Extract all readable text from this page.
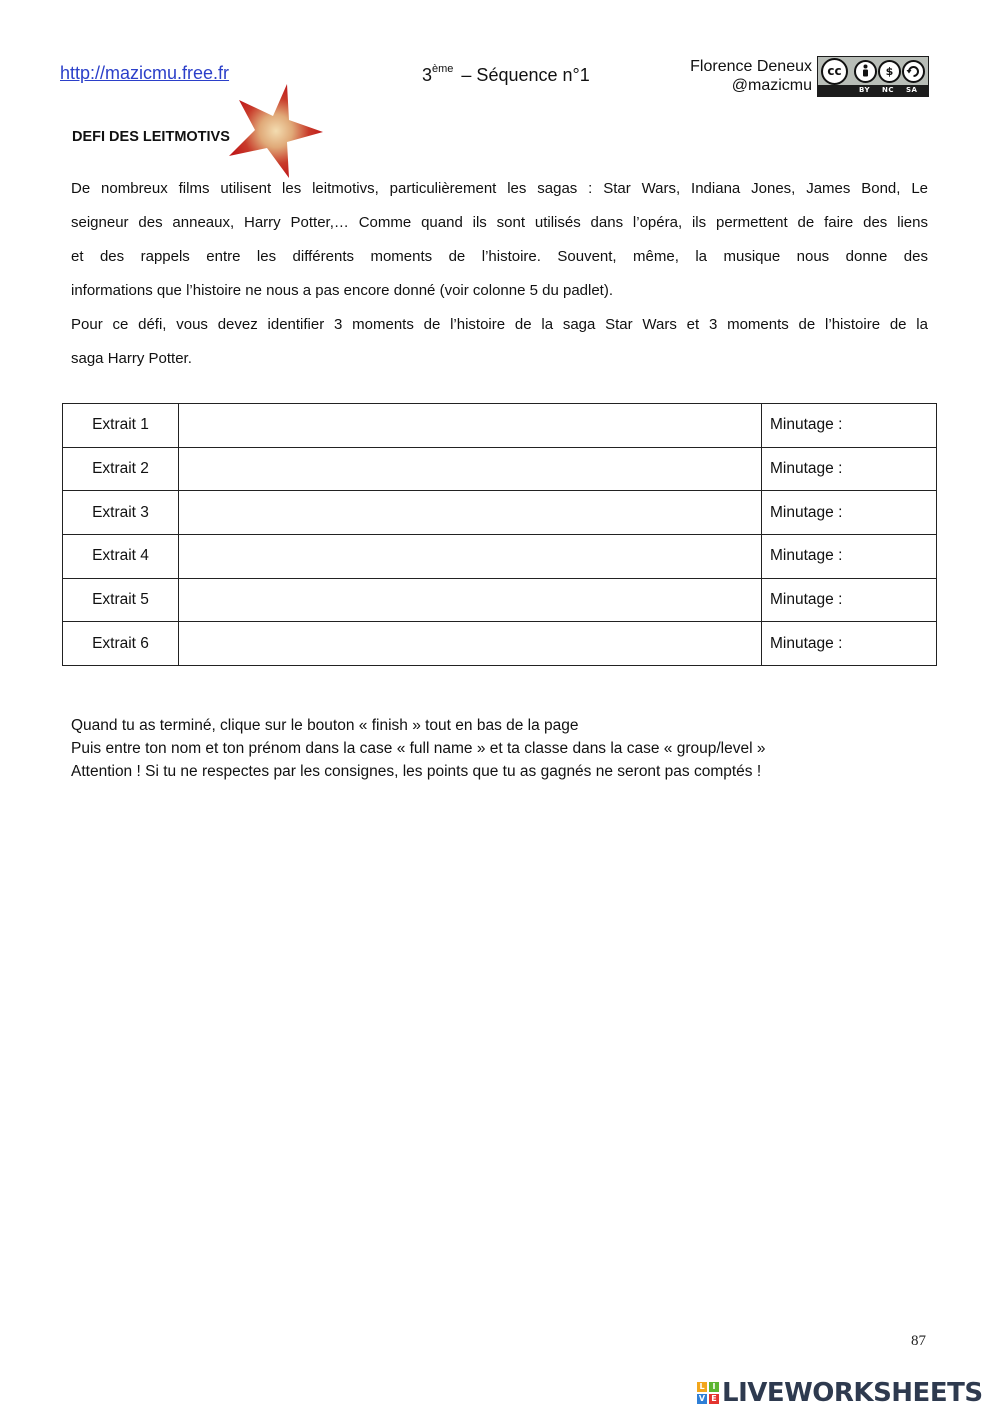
http://mazicmu.free.fr	3ème – Séquence n°1	Florence Deneux
@mazicmu
cc	$
BY NC SA
DEFI DES LEITMOTIVS
De nombreux films utilisent les leitmotivs, particulièrement les sagas : Star Wars, Indiana Jones, James Bond, Le
seigneur des anneaux, Harry Potter,… Comme quand ils sont utilisés dans l’opéra, ils permettent de faire des liens
et des rappels entre les différents moments de l’histoire. Souvent, même, la musique nous donne des
informations que l’histoire ne nous a pas encore donné (voir colonne 5 du padlet).
Pour ce défi, vous devez identifier 3 moments de l’histoire de la saga Star Wars et 3 moments de l’histoire de la
saga Harry Potter.
Extrait 1		Minutage :
Extrait 2		Minutage :
Extrait 3		Minutage :
Extrait 4		Minutage :
Extrait 5		Minutage :
Extrait 6		Minutage :
Quand tu as terminé, clique sur le bouton « finish » tout en bas de la page
Puis entre ton nom et ton prénom dans la case « full name » et ta classe dans la case « group/level »
Attention ! Si tu ne respectes par les consignes, les points que tu as gagnés ne seront pas comptés !
87
L I
V E LIVEWORKSHEETS
